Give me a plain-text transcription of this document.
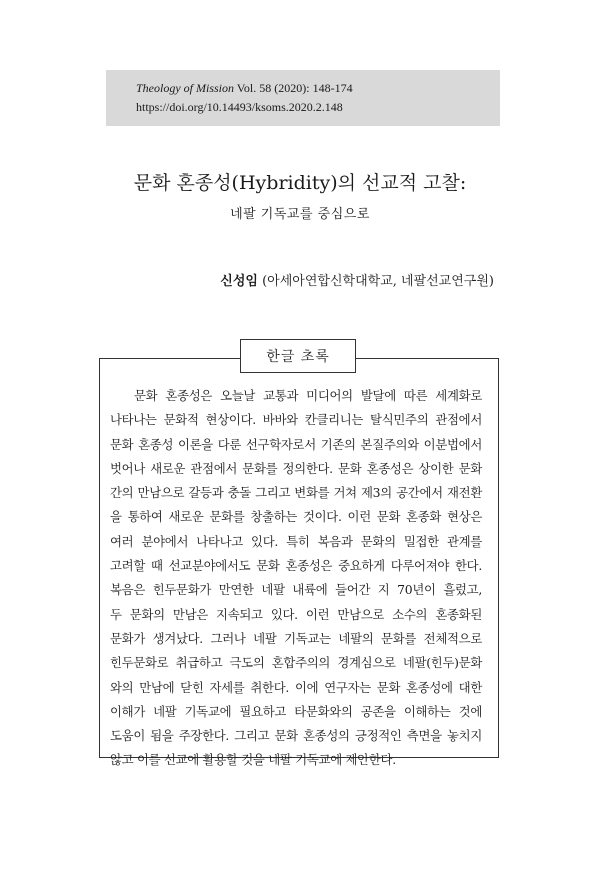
Theology of Mission Vol. 58 (2020): 148-174
https://doi.org/10.14493/ksoms.2020.2.148
문화 혼종성(Hybridity)의 선교적 고찰:
네팔 기독교를 중심으로
신성임 (아세아연합신학대학교, 네팔선교연구원)
한글 초록
문화 혼종성은 오늘날 교통과 미디어의 발달에 따른 세계화로
나타나는 문화적 현상이다. 바바와 칸클리니는 탈식민주의 관점에서
문화 혼종성 이론을 다룬 선구학자로서 기존의 본질주의와 이분법에서
벗어나 새로운 관점에서 문화를 정의한다. 문화 혼종성은 상이한 문화
간의 만남으로 갈등과 충돌 그리고 변화를 거쳐 제3의 공간에서 재전환
을 통하여 새로운 문화를 창출하는 것이다. 이런 문화 혼종화 현상은
여러 분야에서 나타나고 있다. 특히 복음과 문화의 밀접한 관계를
고려할 때 선교분야에서도 문화 혼종성은 중요하게 다루어져야 한다.
복음은 힌두문화가 만연한 네팔 내륙에 들어간 지 70년이 흘렀고,
두 문화의 만남은 지속되고 있다. 이런 만남으로 소수의 혼종화된
문화가 생겨났다. 그러나 네팔 기독교는 네팔의 문화를 전체적으로
힌두문화로 취급하고 극도의 혼합주의의 경계심으로 네팔(힌두)문화
와의 만남에 닫힌 자세를 취한다. 이에 연구자는 문화 혼종성에 대한
이해가 네팔 기독교에 필요하고 타문화와의 공존을 이해하는 것에
도움이 됨을 주장한다. 그리고 문화 혼종성의 긍정적인 측면을 놓치지
않고 이를 선교에 활용할 것을 네팔 기독교에 제안한다.
